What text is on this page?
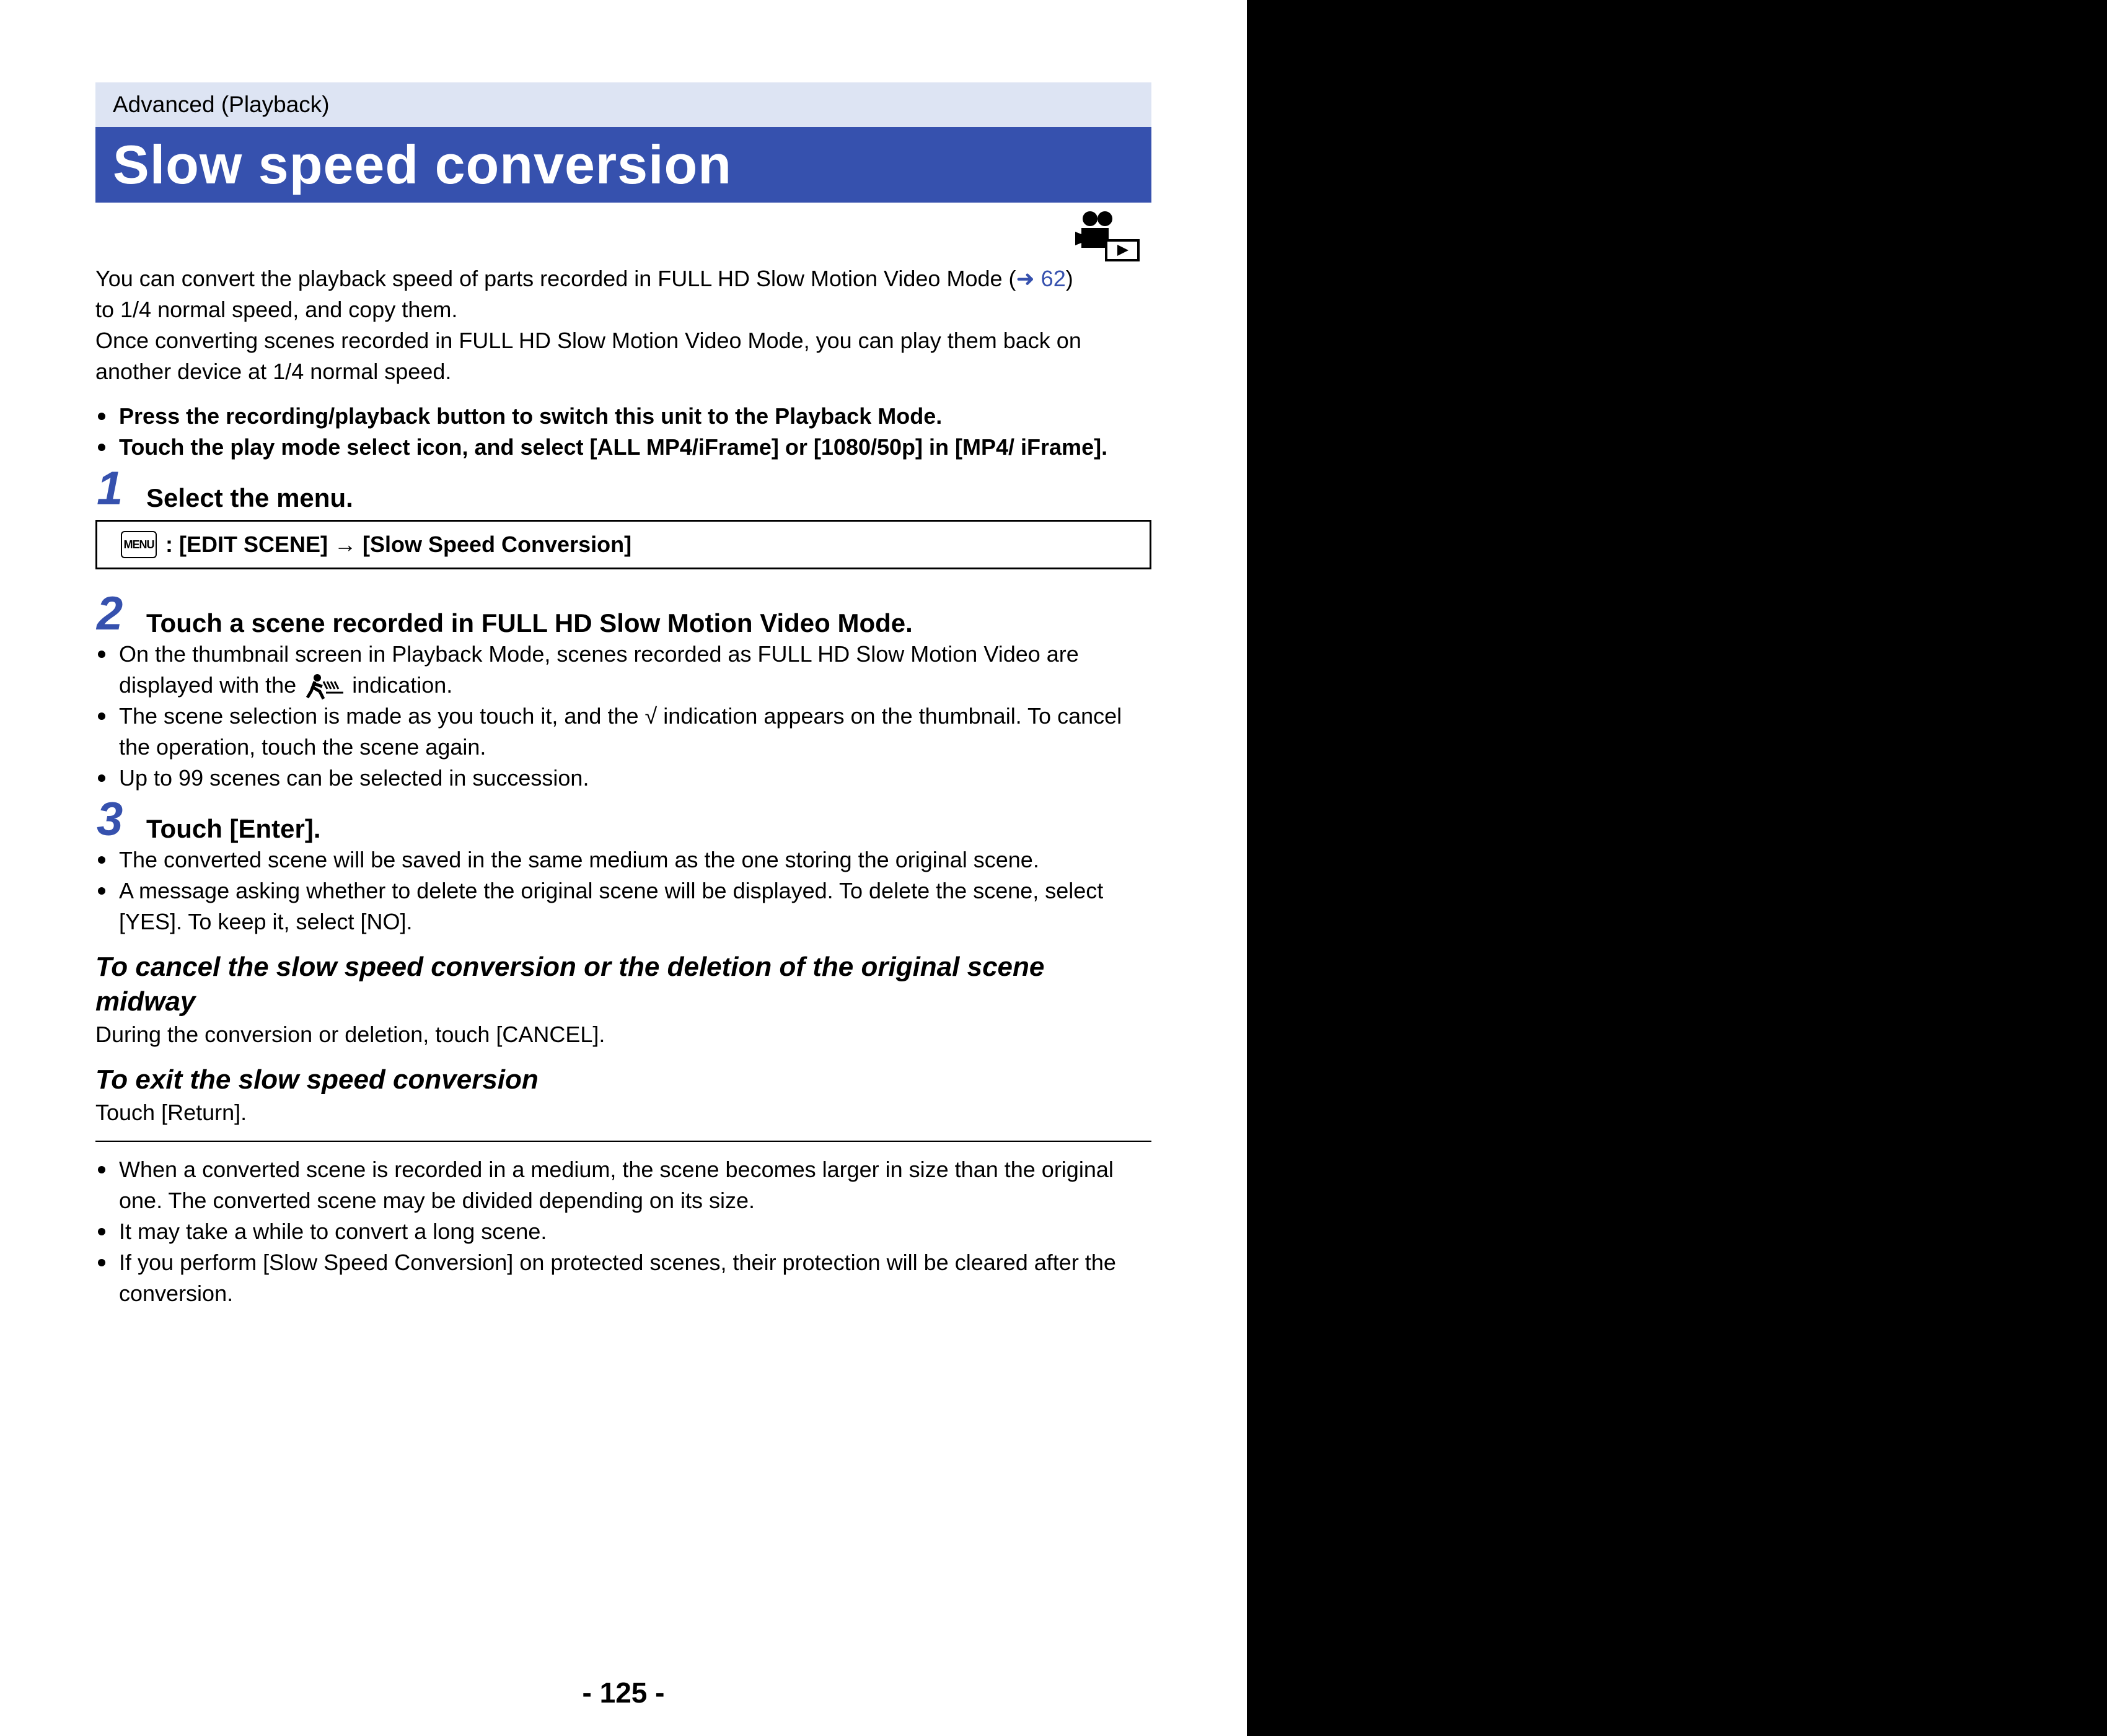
Advanced (Playback)
Slow speed conversion

You can convert the playback speed of parts recorded in FULL HD Slow Motion Video Mode (➜ 62)
to 1/4 normal speed, and copy them.

Once converting scenes recorded in FULL HD Slow Motion Video Mode, you can play them back on another device at 1/4 normal speed.

Press the recording/playback button to switch this unit to the Playback Mode.
Touch the play mode select icon, and select [ALL MP4/iFrame] or [1080/50p] in [MP4/ iFrame].
1 Select the menu.
MENU : [EDIT SCENE] → [Slow Speed Conversion]
2 Touch a scene recorded in FULL HD Slow Motion Video Mode.
On the thumbnail screen in Playback Mode, scenes recorded as FULL HD Slow Motion Video are displayed with the	indication.
The scene selection is made as you touch it, and the √ indication appears on the thumbnail. To cancel the operation, touch the scene again.
Up to 99 scenes can be selected in succession.
3 Touch [Enter].
The converted scene will be saved in the same medium as the one storing the original scene.
A message asking whether to delete the original scene will be displayed. To delete the scene, select [YES]. To keep it, select [NO].
To cancel the slow speed conversion or the deletion of the original scene midway

During the conversion or deletion, touch [CANCEL].

To exit the slow speed conversion

Touch [Return].

When a converted scene is recorded in a medium, the scene becomes larger in size than the original one. The converted scene may be divided depending on its size.
It may take a while to convert a long scene.
If you perform [Slow Speed Conversion] on protected scenes, their protection will be cleared after the conversion.
- 125 -
